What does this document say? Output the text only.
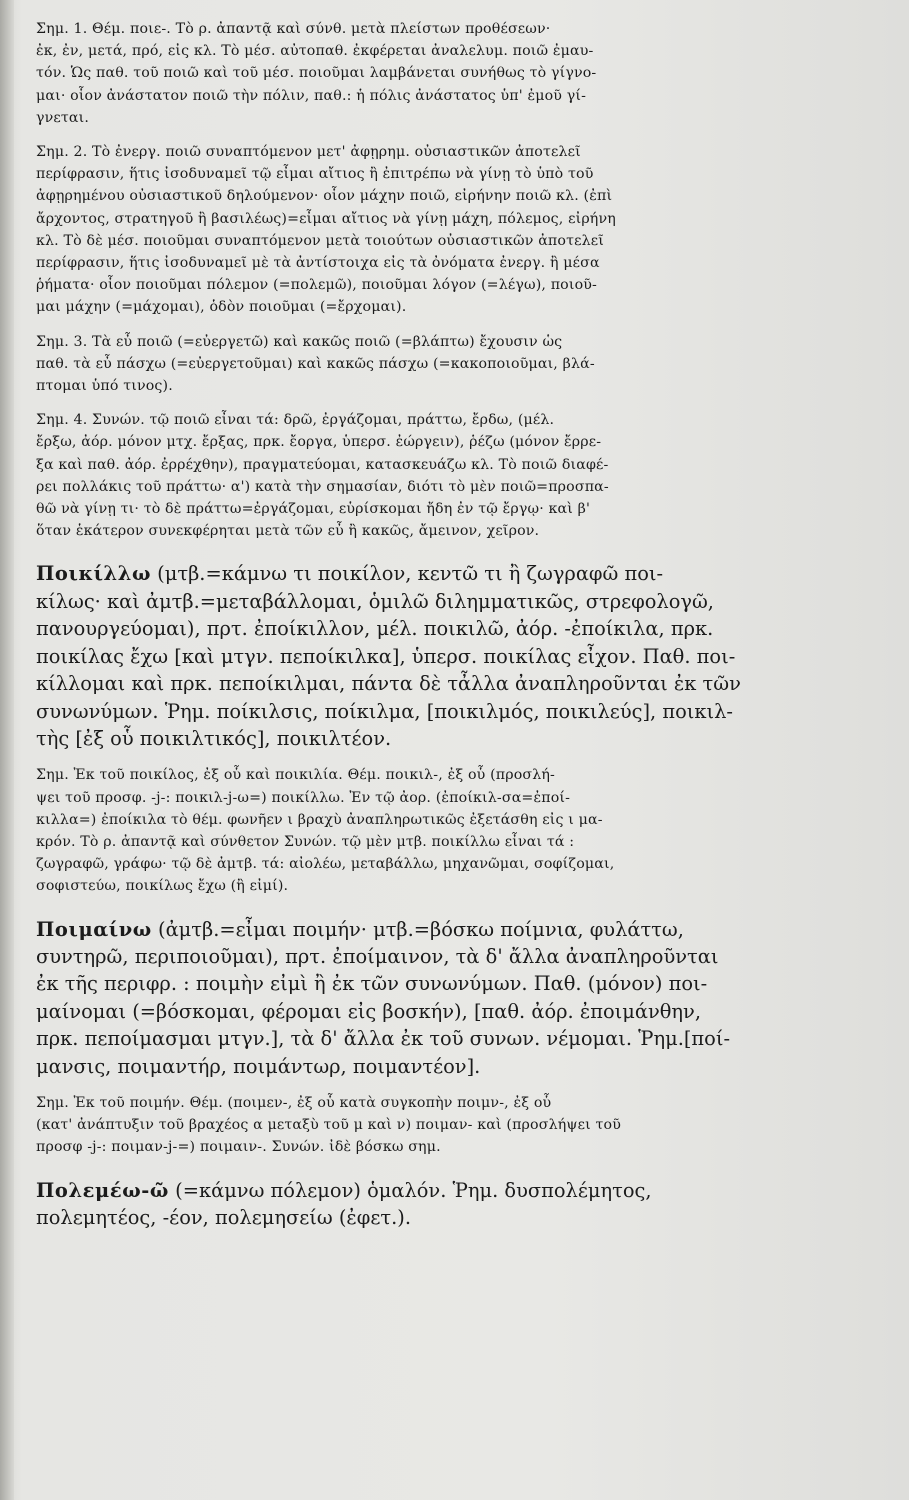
Σημ. 1. Θέμ. ποιε-. Τὸ ρ. ἀπαντᾷ καὶ σύνθ. μετὰ πλείστων προθέσεων·

ἐκ, ἐν, μετά, πρό, εἰς κλ. Τὸ μέσ. αὐτοπαθ. ἐκφέρεται ἀναλελυμ. ποιῶ ἐμαυ-

τόν. Ὡς παθ. τοῦ ποιῶ καὶ τοῦ μέσ. ποιοῦμαι λαμβάνεται συνήθως τὸ γίγνο-

μαι· οἷον ἀνάστατον ποιῶ τὴν πόλιν, παθ.: ἡ πόλις ἀνάστατος ὑπ' ἐμοῦ γί-

γνεται.

Σημ. 2. Τὸ ἐνεργ. ποιῶ συναπτόμενον μετ' ἀφῃρημ. οὐσιαστικῶν ἀποτελεῖ

περίφρασιν, ἥτις ἰσοδυναμεῖ τῷ εἶμαι αἴτιος ἢ ἐπιτρέπω νὰ γίνῃ τὸ ὑπὸ τοῦ

ἀφῃρημένου οὐσιαστικοῦ δηλούμενον· οἷον μάχην ποιῶ, εἰρήνην ποιῶ κλ. (ἐπὶ

ἄρχοντος, στρατηγοῦ ἢ βασιλέως)=εἶμαι αἴτιος νὰ γίνῃ μάχη, πόλεμος, εἰρήνη

κλ. Τὸ δὲ μέσ. ποιοῦμαι συναπτόμενον μετὰ τοιούτων οὐσιαστικῶν ἀποτελεῖ

περίφρασιν, ἥτις ἰσοδυναμεῖ μὲ τὰ ἀντίστοιχα εἰς τὰ ὀνόματα ἐνεργ. ἢ μέσα

ῥήματα· οἷον ποιοῦμαι πόλεμον (=πολεμῶ), ποιοῦμαι λόγον (=λέγω), ποιοῦ-

μαι μάχην (=μάχομαι), ὁδὸν ποιοῦμαι (=ἔρχομαι).

Σημ. 3. Τὰ εὖ ποιῶ (=εὐεργετῶ) καὶ κακῶς ποιῶ (=βλάπτω) ἔχουσιν ὡς

παθ. τὰ εὖ πάσχω (=εὐεργετοῦμαι) καὶ κακῶς πάσχω (=κακοποιοῦμαι, βλά-

πτομαι ὑπό τινος).

Σημ. 4. Συνών. τῷ ποιῶ εἶναι τά: δρῶ, ἐργάζομαι, πράττω, ἔρδω, (μέλ.

ἔρξω, ἀόρ. μόνον μτχ. ἔρξας, πρκ. ἔοργα, ὑπερσ. ἐώργειν), ῥέζω (μόνον ἔρρε-

ξα καὶ παθ. ἀόρ. ἐρρέχθην), πραγματεύομαι, κατασκευάζω κλ. Τὸ ποιῶ διαφέ-

ρει πολλάκις τοῦ πράττω· α') κατὰ τὴν σημασίαν, διότι τὸ μὲν ποιῶ=προσπα-

θῶ νὰ γίνῃ τι· τὸ δὲ πράττω=ἐργάζομαι, εὑρίσκομαι ἤδη ἐν τῷ ἔργῳ· καὶ β'

ὅταν ἑκάτερον συνεκφέρηται μετὰ τῶν εὖ ἢ κακῶς, ἄμεινον, χεῖρον.

Ποικίλλω (μτβ.=κάμνω τι ποικίλον, κεντῶ τι ἢ ζωγραφῶ ποι-

κίλως· καὶ ἀμτβ.=μεταβάλλομαι, ὁμιλῶ διλημματικῶς, στρεφολογῶ,

πανουργεύομαι), πρτ. ἐποίκιλλον, μέλ. ποικιλῶ, ἀόρ. -ἐποίκιλα, πρκ.

ποικίλας ἔχω [καὶ μτγν. πεποίκιλκα], ὑπερσ. ποικίλας εἶχον. Παθ. ποι-

κίλλομαι καὶ πρκ. πεποίκιλμαι, πάντα δὲ τἆλλα ἀναπληροῦνται ἐκ τῶν

συνωνύμων. Ῥημ. ποίκιλσις, ποίκιλμα, [ποικιλμός, ποικιλεύς], ποικιλ-

τὴς [ἐξ οὗ ποικιλτικός], ποικιλτέον.

Σημ. Ἐκ τοῦ ποικίλος, ἐξ οὗ καὶ ποικιλία. Θέμ. ποικιλ-, ἐξ οὗ (προσλή-

ψει τοῦ προσφ. -j-: ποικιλ-j-ω=) ποικίλλω. Ἐν τῷ ἀορ. (ἐποίκιλ-σα=ἐποί-

κιλλα=) ἐποίκιλα τὸ θέμ. φωνῆεν ι βραχὺ ἀναπληρωτικῶς ἐξετάσθη εἰς ι μα-

κρόν. Τὸ ρ. ἀπαντᾷ καὶ σύνθετον Συνών. τῷ μὲν μτβ. ποικίλλω εἶναι τά :

ζωγραφῶ, γράφω· τῷ δὲ ἀμτβ. τά: αἰολέω, μεταβάλλω, μηχανῶμαι, σοφίζομαι,

σοφιστεύω, ποικίλως ἔχω (ἢ εἰμί).

Ποιμαίνω (ἀμτβ.=εἶμαι ποιμήν· μτβ.=βόσκω ποίμνια, φυλάττω,

συντηρῶ, περιποιοῦμαι), πρτ. ἐποίμαινον, τὰ δ' ἄλλα ἀναπληροῦνται

ἐκ τῆς περιφρ. : ποιμὴν εἰμὶ ἢ ἐκ τῶν συνωνύμων. Παθ. (μόνον) ποι-

μαίνομαι (=βόσκομαι, φέρομαι εἰς βοσκήν), [παθ. ἀόρ. ἐποιμάνθην,

πρκ. πεποίμασμαι μτγν.], τὰ δ' ἄλλα ἐκ τοῦ συνων. νέμομαι. Ῥημ.[ποί-

μανσις, ποιμαντήρ, ποιμάντωρ, ποιμαντέον].

Σημ. Ἐκ τοῦ ποιμήν. Θέμ. (ποιμεν-, ἐξ οὗ κατὰ συγκοπὴν ποιμν-, ἐξ οὗ

(κατ' ἀνάπτυξιν τοῦ βραχέος α μεταξὺ τοῦ μ καὶ ν) ποιμαν- καὶ (προσλήψει τοῦ

προσφ -j-: ποιμαν-j-=) ποιμαιν-. Συνών. ἰδὲ βόσκω σημ.

Πολεμέω-ῶ (=κάμνω πόλεμον) ὁμαλόν. Ῥημ. δυσπολέμητος,

πολεμητέος, -έον, πολεμησείω (ἐφετ.).
